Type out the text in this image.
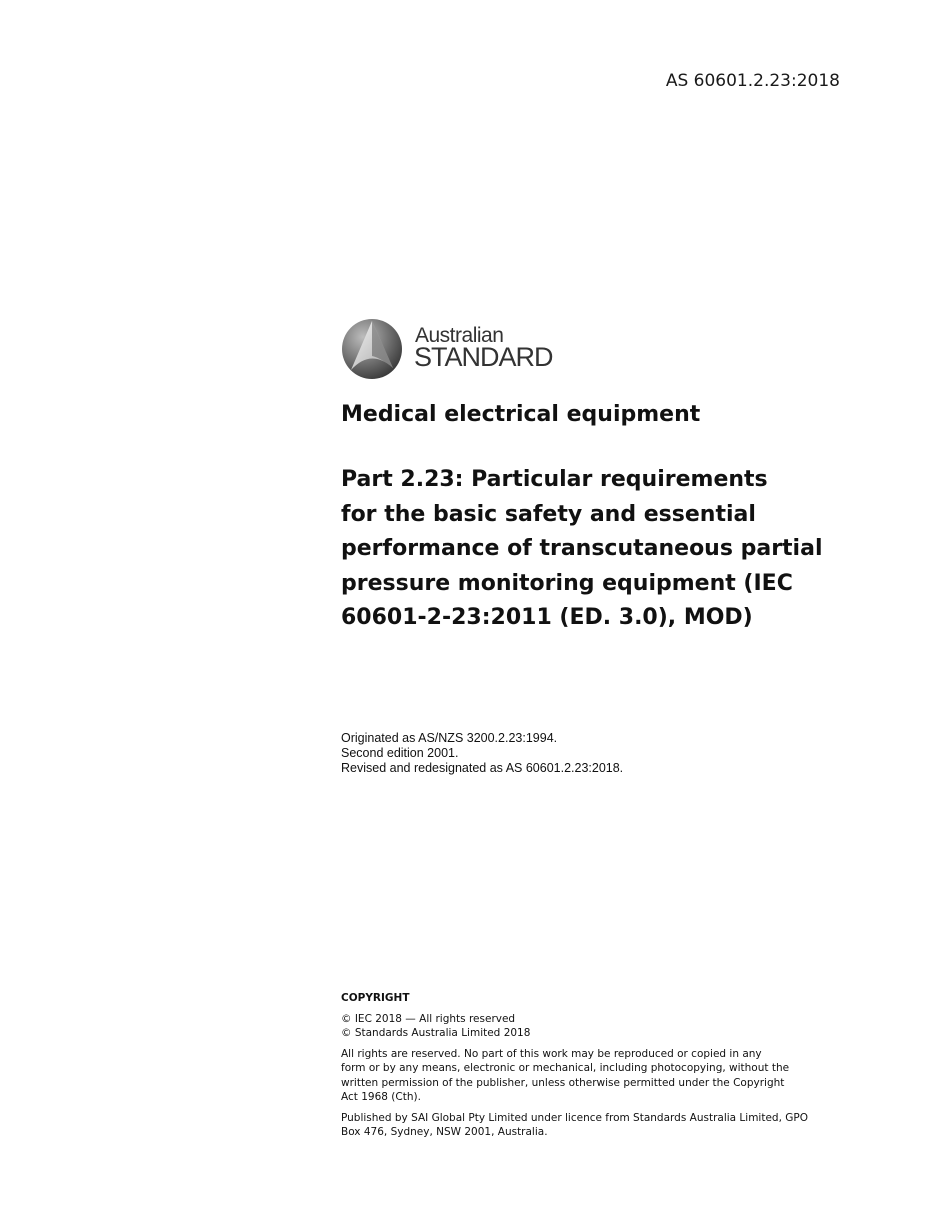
AS 60601.2.23:2018
Australian
STANDARD
Medical electrical equipment
Part 2.23: Particular requirements
for the basic safety and essential
performance of transcutaneous partial
pressure monitoring equipment (IEC
60601-2-23:2011 (ED. 3.0), MOD)
Originated as AS/NZS 3200.2.23:1994.
Second edition 2001.
Revised and redesignated as AS 60601.2.23:2018.
COPYRIGHT

© IEC 2018 — All rights reserved
© Standards Australia Limited 2018

All rights are reserved. No part of this work may be reproduced or copied in any
form or by any means, electronic or mechanical, including photocopying, without the
written permission of the publisher, unless otherwise permitted under the Copyright
Act 1968 (Cth).

Published by SAI Global Pty Limited under licence from Standards Australia Limited, GPO
Box 476, Sydney, NSW 2001, Australia.
